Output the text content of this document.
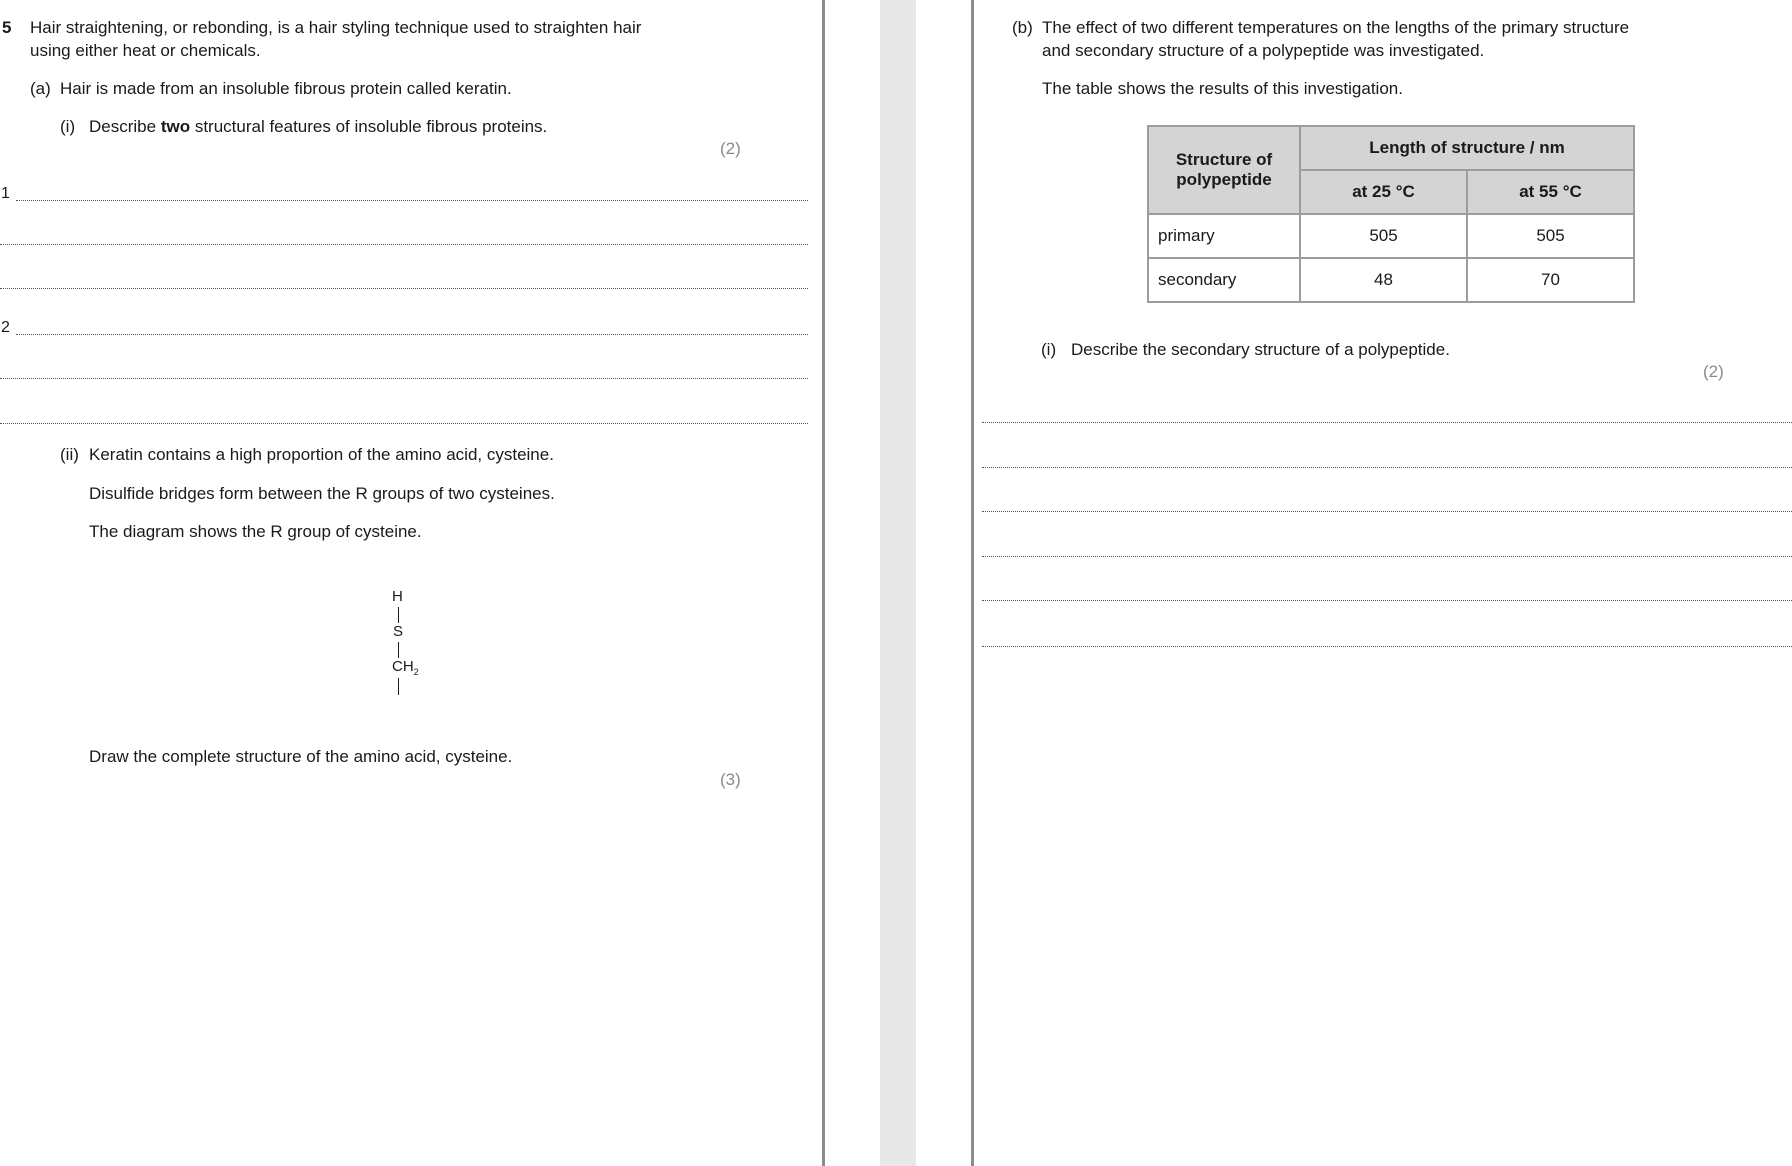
5 Hair straightening, or rebonding, is a hair styling technique used to straighten hair
using either heat or chemicals.
(a) Hair is made from an insoluble fibrous protein called keratin.
(i) Describe two structural features of insoluble fibrous proteins.
(2)
1
2
(ii) Keratin contains a high proportion of the amino acid, cysteine.
Disulfide bridges form between the R groups of two cysteines.
The diagram shows the R group of cysteine.
H
S
$CH_2$
Draw the complete structure of the amino acid, cysteine.
(3)
(b) The effect of two different temperatures on the lengths of the primary structure
and secondary structure of a polypeptide was investigated.
The table shows the results of this investigation.
Structure of
polypeptide	Length of structure / nm	
	at 25 °C	at 55 °C
primary	505	505
secondary	48	70
(i) Describe the secondary structure of a polypeptide.
(2)
